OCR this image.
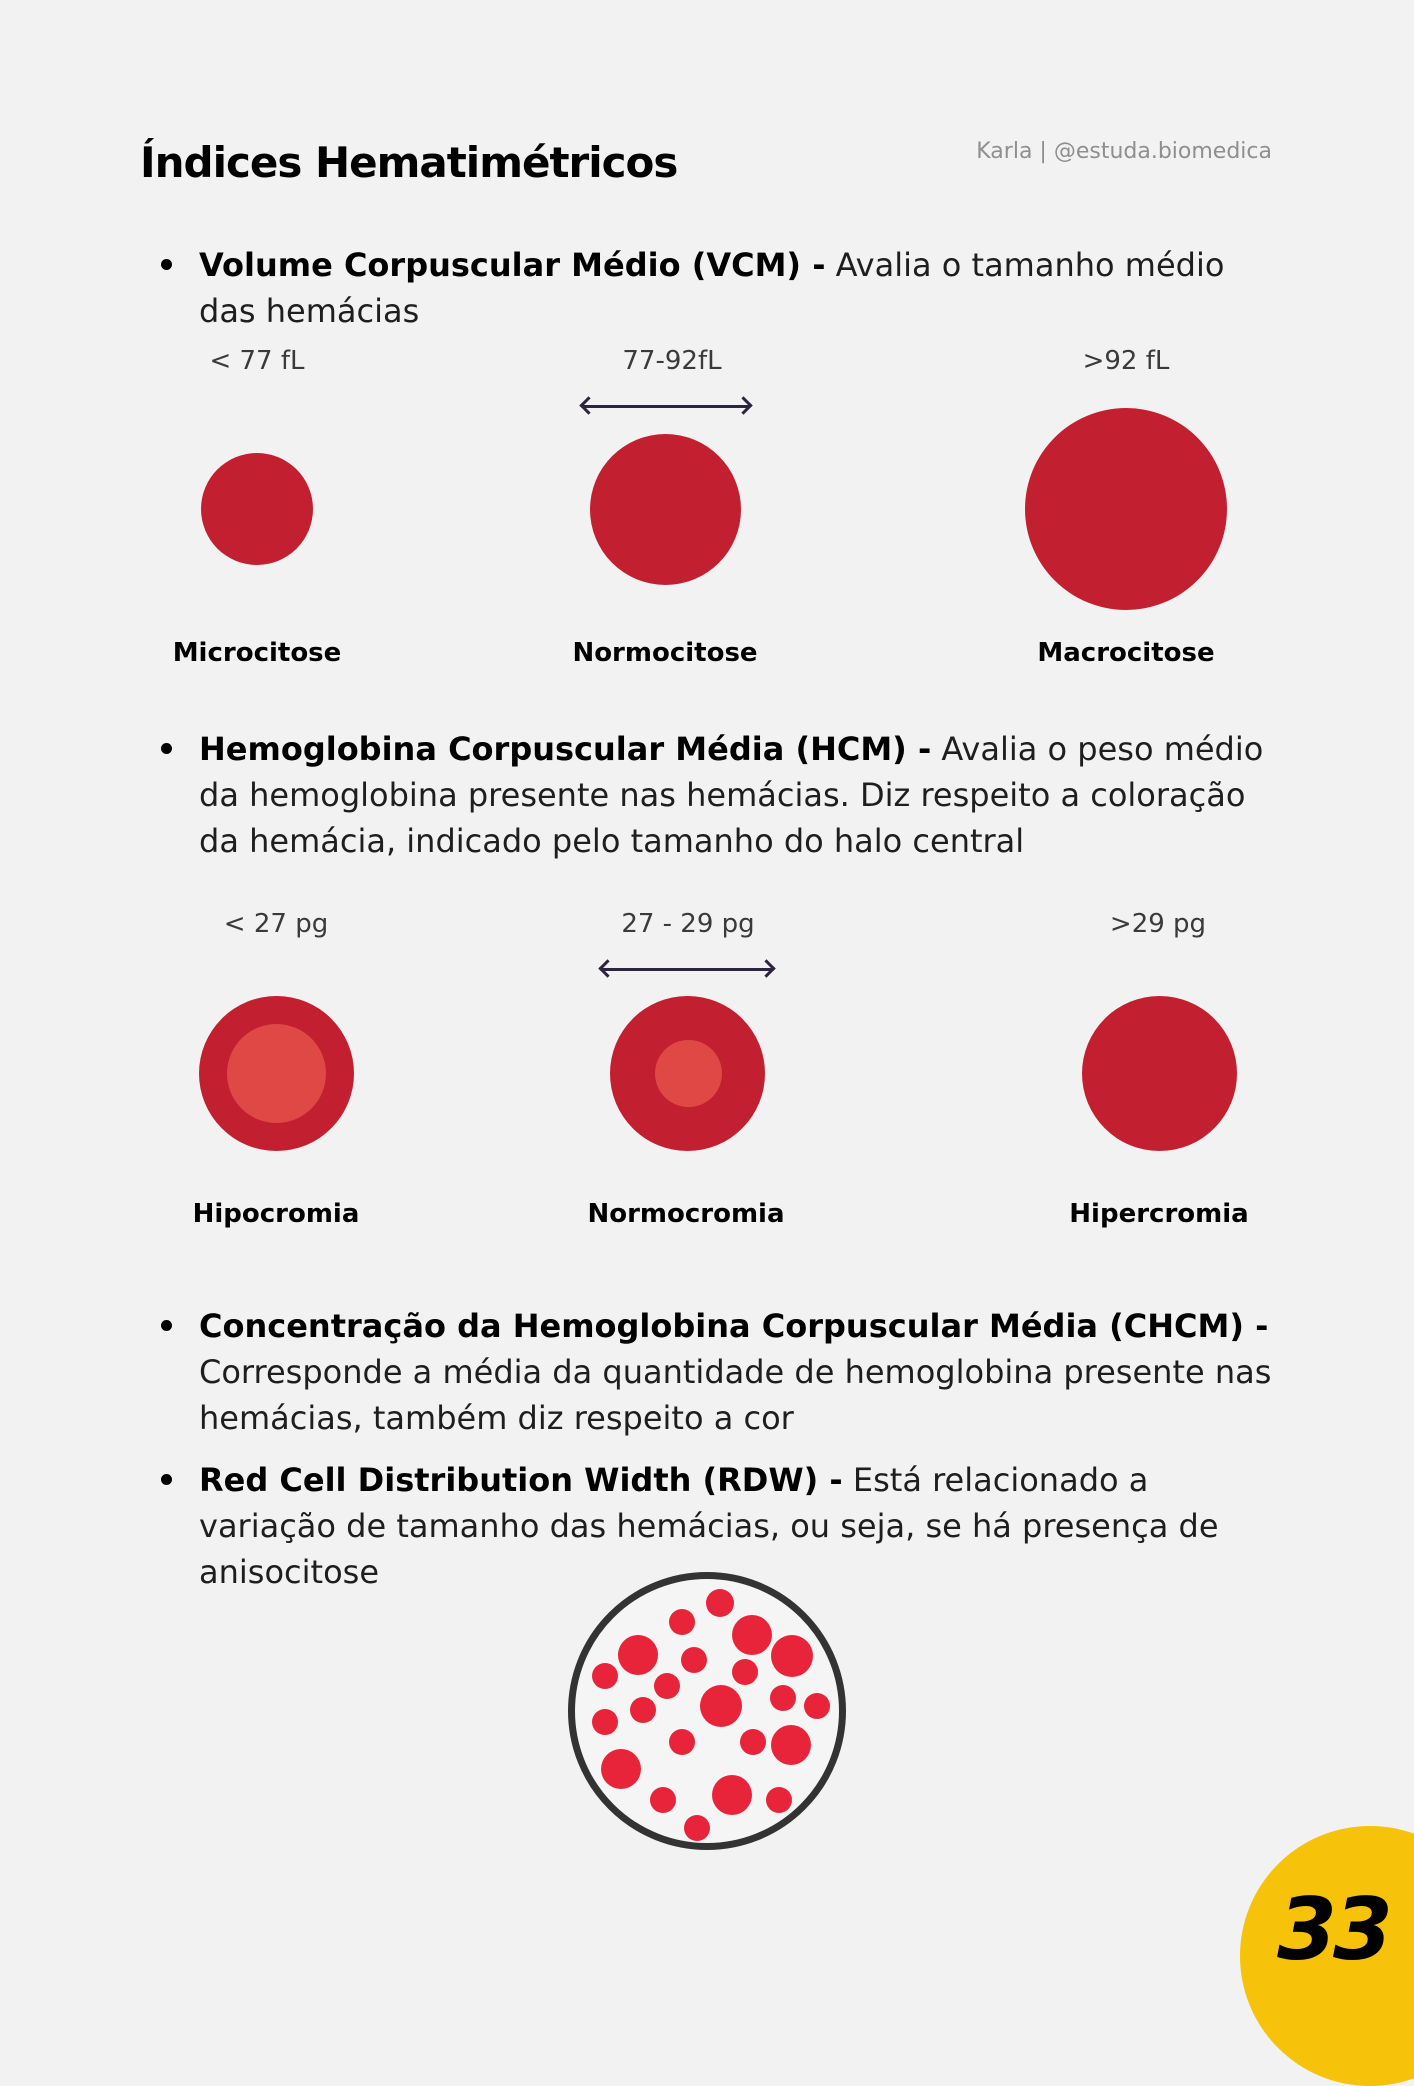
Índices Hematimétricos	Karla | @estuda.biomedica
Volume Corpuscular Médio (VCM) - Avalia o tamanho médio das hemácias
< 77 fL	77-92fL	>92 fL
Microcitose	Normocitose	Macrocitose
Hemoglobina Corpuscular Média (HCM) - Avalia o peso médio da hemoglobina presente nas hemácias. Diz respeito a coloração da hemácia, indicado pelo tamanho do halo central
< 27 pg	27 - 29 pg	>29 pg
Hipocromia	Normocromia	Hipercromia
Concentração da Hemoglobina Corpuscular Média (CHCM) - Corresponde a média da quantidade de hemoglobina presente nas hemácias, também diz respeito a cor
Red Cell Distribution Width (RDW) - Está relacionado a variação de tamanho das hemácias, ou seja, se há presença de anisocitose
33
